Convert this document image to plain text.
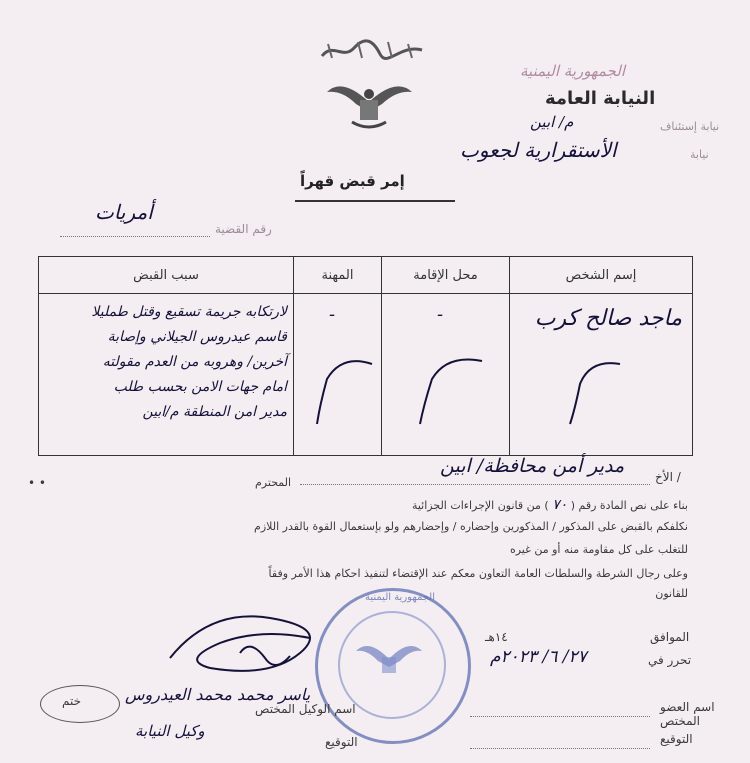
الجمهورية اليمنية
النيابة العامة
نيابة إستئناف
م/ ابين
نيابة
الأستقرارية لجعوب
إمر قبض قهراً
رقم القضية
أمريات
إسم الشخص	محل الإقامة	المهنة	سبب القبض

ماجد صالح كرب	-	-	لارتكابه جريمة تسقيع وقتل طمليلا
قاسم عيدروس الجيلاني وإصابة
آخرين/ وهروبه من العدم مقولته
امام جهات الامن بحسب طلب
مدير امن المنطقة م/ابين
الأخ /
مدير أمن محافظة/ ابين
المحترم
• •
بناء على نص المادة رقم ( ٧٠ ) من قانون الإجراءات الجزائية
نكلفكم بالقبض على المذكور / المذكورين وإحضاره / وإحضارهم ولو بإستعمال القوة بالقدر اللازم
للتغلب على كل مقاومة منه أو من غيره
وعلى رجال الشرطة والسلطات العامة التعاون معكم عند الإقتضاء لتنفيذ احكام هذا الأمر وفقاً
للقانون
الموافق
١٤هـ
تحرر في
٢٧/ ٦/ ٢٠٢٣م
الجمهورية اليمنية
اسم العضو المختص
التوقيع
اسم الوكيل المختص
ياسر محمد محمد العيدروس
وكيل النيابة
التوقيع
ختم
